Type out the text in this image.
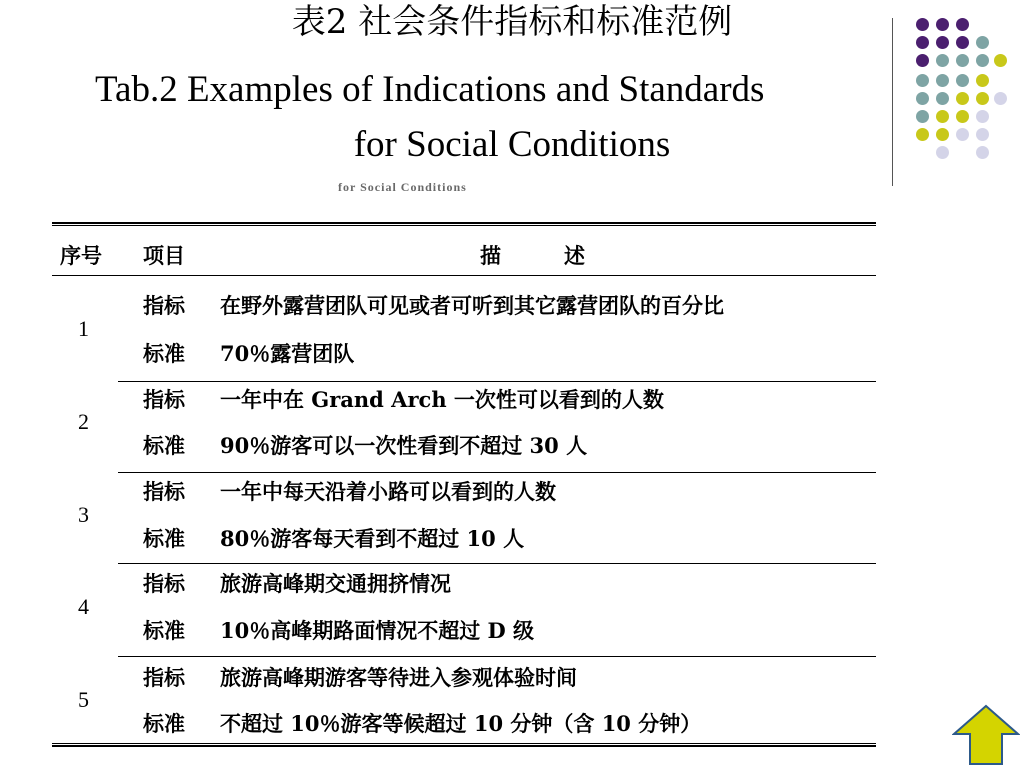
表2 社会条件指标和标准范例
Tab.2 Examples of Indications and Standards
for Social Conditions
for Social Conditions
序号 项目	描　　　述
1
指标 在野外露营团队可见或者可听到其它露营团队的百分比
标准 70％露营团队
2
指标 一年中在 Grand Arch 一次性可以看到的人数
标准 90％游客可以一次性看到不超过 30 人
3
指标 一年中每天沿着小路可以看到的人数
标准 80％游客每天看到不超过 10 人
4
指标 旅游高峰期交通拥挤情况
标准 10％高峰期路面情况不超过 D 级
5
指标 旅游高峰期游客等待进入参观体验时间
标准 不超过 10％游客等候超过 10 分钟（含 10 分钟）
